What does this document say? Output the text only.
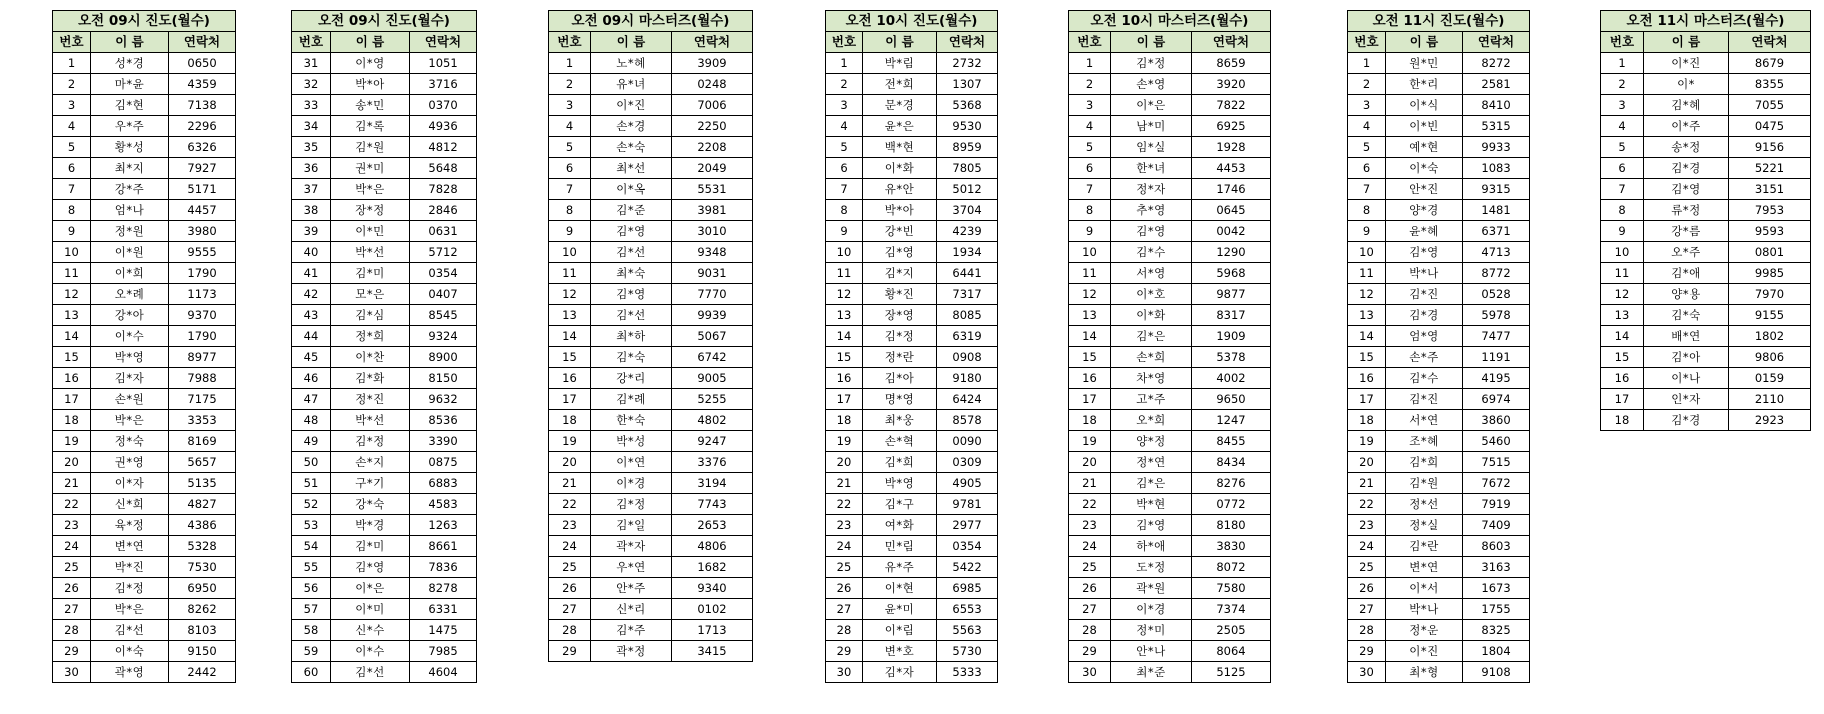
오전 09시 진도(월수)		
번호	이 름	연락처
1	성*경	0650
2	마*윤	4359
3	김*현	7138
4	우*주	2296
5	황*성	6326
6	최*지	7927
7	강*주	5171
8	엄*나	4457
9	정*원	3980
10	이*원	9555
11	이*희	1790
12	오*례	1173
13	강*아	9370
14	이*수	1790
15	박*영	8977
16	김*자	7988
17	손*원	7175
18	박*은	3353
19	정*숙	8169
20	권*영	5657
21	이*자	5135
22	신*희	4827
23	육*정	4386
24	변*연	5328
25	박*진	7530
26	김*정	6950
27	박*은	8262
28	김*선	8103
29	이*숙	9150
30	곽*영	2442
오전 09시 진도(월수)		
번호	이 름	연락처
31	이*영	1051
32	박*아	3716
33	송*민	0370
34	김*록	4936
35	김*원	4812
36	권*미	5648
37	박*은	7828
38	장*정	2846
39	이*민	0631
40	박*선	5712
41	김*미	0354
42	모*은	0407
43	김*심	8545
44	정*희	9324
45	이*찬	8900
46	김*화	8150
47	정*진	9632
48	박*선	8536
49	김*정	3390
50	손*지	0875
51	구*기	6883
52	강*숙	4583
53	박*경	1263
54	김*미	8661
55	김*영	7836
56	이*은	8278
57	이*미	6331
58	신*수	1475
59	이*수	7985
60	김*선	4604
오전 09시 마스터즈(월수)		
번호	이 름	연락처
1	노*혜	3909
2	유*녀	0248
3	이*진	7006
4	손*경	2250
5	손*숙	2208
6	최*선	2049
7	이*옥	5531
8	김*준	3981
9	김*영	3010
10	김*선	9348
11	최*숙	9031
12	김*영	7770
13	김*선	9939
14	최*하	5067
15	김*숙	6742
16	강*리	9005
17	김*례	5255
18	한*숙	4802
19	박*성	9247
20	이*연	3376
21	이*경	3194
22	김*정	7743
23	김*일	2653
24	곽*자	4806
25	우*연	1682
26	안*주	9340
27	신*리	0102
28	김*주	1713
29	곽*정	3415
오전 10시 진도(월수)		
번호	이 름	연락처
1	박*림	2732
2	전*희	1307
3	문*경	5368
4	윤*은	9530
5	백*현	8959
6	이*화	7805
7	유*안	5012
8	박*아	3704
9	강*빈	4239
10	김*영	1934
11	김*지	6441
12	황*진	7317
13	장*영	8085
14	김*정	6319
15	정*란	0908
16	김*아	9180
17	명*영	6424
18	최*웅	8578
19	손*혁	0090
20	김*희	0309
21	박*영	4905
22	김*구	9781
23	여*화	2977
24	민*림	0354
25	유*주	5422
26	이*현	6985
27	윤*미	6553
28	이*림	5563
29	변*호	5730
30	김*자	5333
오전 10시 마스터즈(월수)		
번호	이 름	연락처
1	김*정	8659
2	손*영	3920
3	이*은	7822
4	남*미	6925
5	임*실	1928
6	한*녀	4453
7	정*자	1746
8	추*영	0645
9	김*영	0042
10	김*수	1290
11	서*영	5968
12	이*호	9877
13	이*화	8317
14	김*은	1909
15	손*희	5378
16	차*영	4002
17	고*주	9650
18	오*희	1247
19	양*정	8455
20	정*연	8434
21	김*은	8276
22	박*현	0772
23	김*영	8180
24	하*애	3830
25	도*정	8072
26	곽*원	7580
27	이*경	7374
28	정*미	2505
29	안*나	8064
30	최*준	5125
오전 11시 진도(월수)		
번호	이 름	연락처
1	원*민	8272
2	한*리	2581
3	이*식	8410
4	이*빈	5315
5	예*현	9933
6	이*숙	1083
7	안*진	9315
8	양*경	1481
9	윤*혜	6371
10	김*영	4713
11	박*나	8772
12	김*진	0528
13	김*경	5978
14	엄*영	7477
15	손*주	1191
16	김*수	4195
17	김*진	6974
18	서*연	3860
19	조*혜	5460
20	김*희	7515
21	김*원	7672
22	정*선	7919
23	정*실	7409
24	김*란	8603
25	변*연	3163
26	이*서	1673
27	박*나	1755
28	정*운	8325
29	이*진	1804
30	최*형	9108
오전 11시 마스터즈(월수)		
번호	이 름	연락처
1	이*진	8679
2	이*	8355
3	김*혜	7055
4	이*주	0475
5	송*정	9156
6	김*경	5221
7	김*영	3151
8	류*정	7953
9	강*름	9593
10	오*주	0801
11	김*애	9985
12	양*용	7970
13	김*숙	9155
14	배*연	1802
15	김*아	9806
16	이*나	0159
17	인*자	2110
18	김*경	2923
